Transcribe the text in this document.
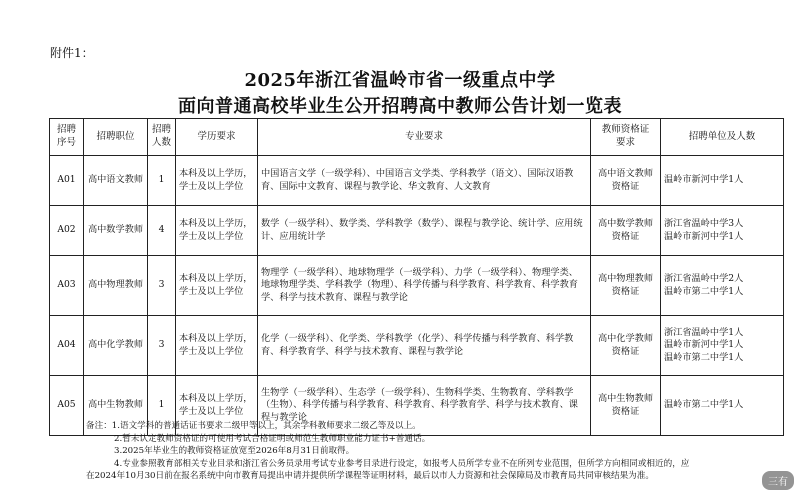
附件1：
2025年浙江省温岭市省一级重点中学
面向普通高校毕业生公开招聘高中教师公告计划一览表
招聘
序号	招聘职位	招聘
人数	学历要求	专业要求	教师资格证
要求	招聘单位及人数
A01	高中语文教师	1	本科及以上学历，
学士及以上学位	中国语言文学（一级学科）、中国语言文学类、学科教学（语文）、国际汉语教育、国际中文教育、课程与教学论、华文教育、人文教育	高中语文教师
资格证	温岭市新河中学1人
A02	高中数学教师	4	本科及以上学历，
学士及以上学位	数学（一级学科）、数学类、学科教学（数学）、课程与教学论、统计学、应用统计、应用统计学	高中数学教师
资格证	浙江省温岭中学3人
温岭市新河中学1人
A03	高中物理教师	3	本科及以上学历，
学士及以上学位	物理学（一级学科）、地球物理学（一级学科）、力学（一级学科）、物理学类、地球物理学类、学科教学（物理）、科学传播与科学教育、科学教育、科学教育学、科学与技术教育、课程与教学论	高中物理教师
资格证	浙江省温岭中学2人
温岭市第二中学1人
A04	高中化学教师	3	本科及以上学历，
学士及以上学位	化学（一级学科）、化学类、学科教学（化学）、科学传播与科学教育、科学教育、科学教育学、科学与技术教育、课程与教学论	高中化学教师
资格证	浙江省温岭中学1人
温岭市新河中学1人
温岭市第二中学1人
A05	高中生物教师	1	本科及以上学历，
学士及以上学位	生物学（一级学科）、生态学（一级学科）、生物科学类、生物教育、学科教学（生物）、科学传播与科学教育、科学教育、科学教育学、科学与技术教育、课程与教学论	高中生物教师
资格证	温岭市第二中学1人
备注：1.语文学科的普通话证书要求二级甲等以上，其余学科教师要求二级乙等及以上。
2.暂未认定教师资格证的可使用考试合格证明或师范生教师职业能力证书+普通话。
3.2025年毕业生的教师资格证放宽至2026年8月31日前取得。
4.专业参照教育部相关专业目录和浙江省公务员录用考试专业参考目录进行设定，如报考人员所学专业不在所列专业范围，但所学方向相同或相近的，应
在2024年10月30日前在报名系统中向市教育局提出申请并提供所学课程等证明材料，最后以市人力资源和社会保障局及市教育局共同审核结果为准。
三有
